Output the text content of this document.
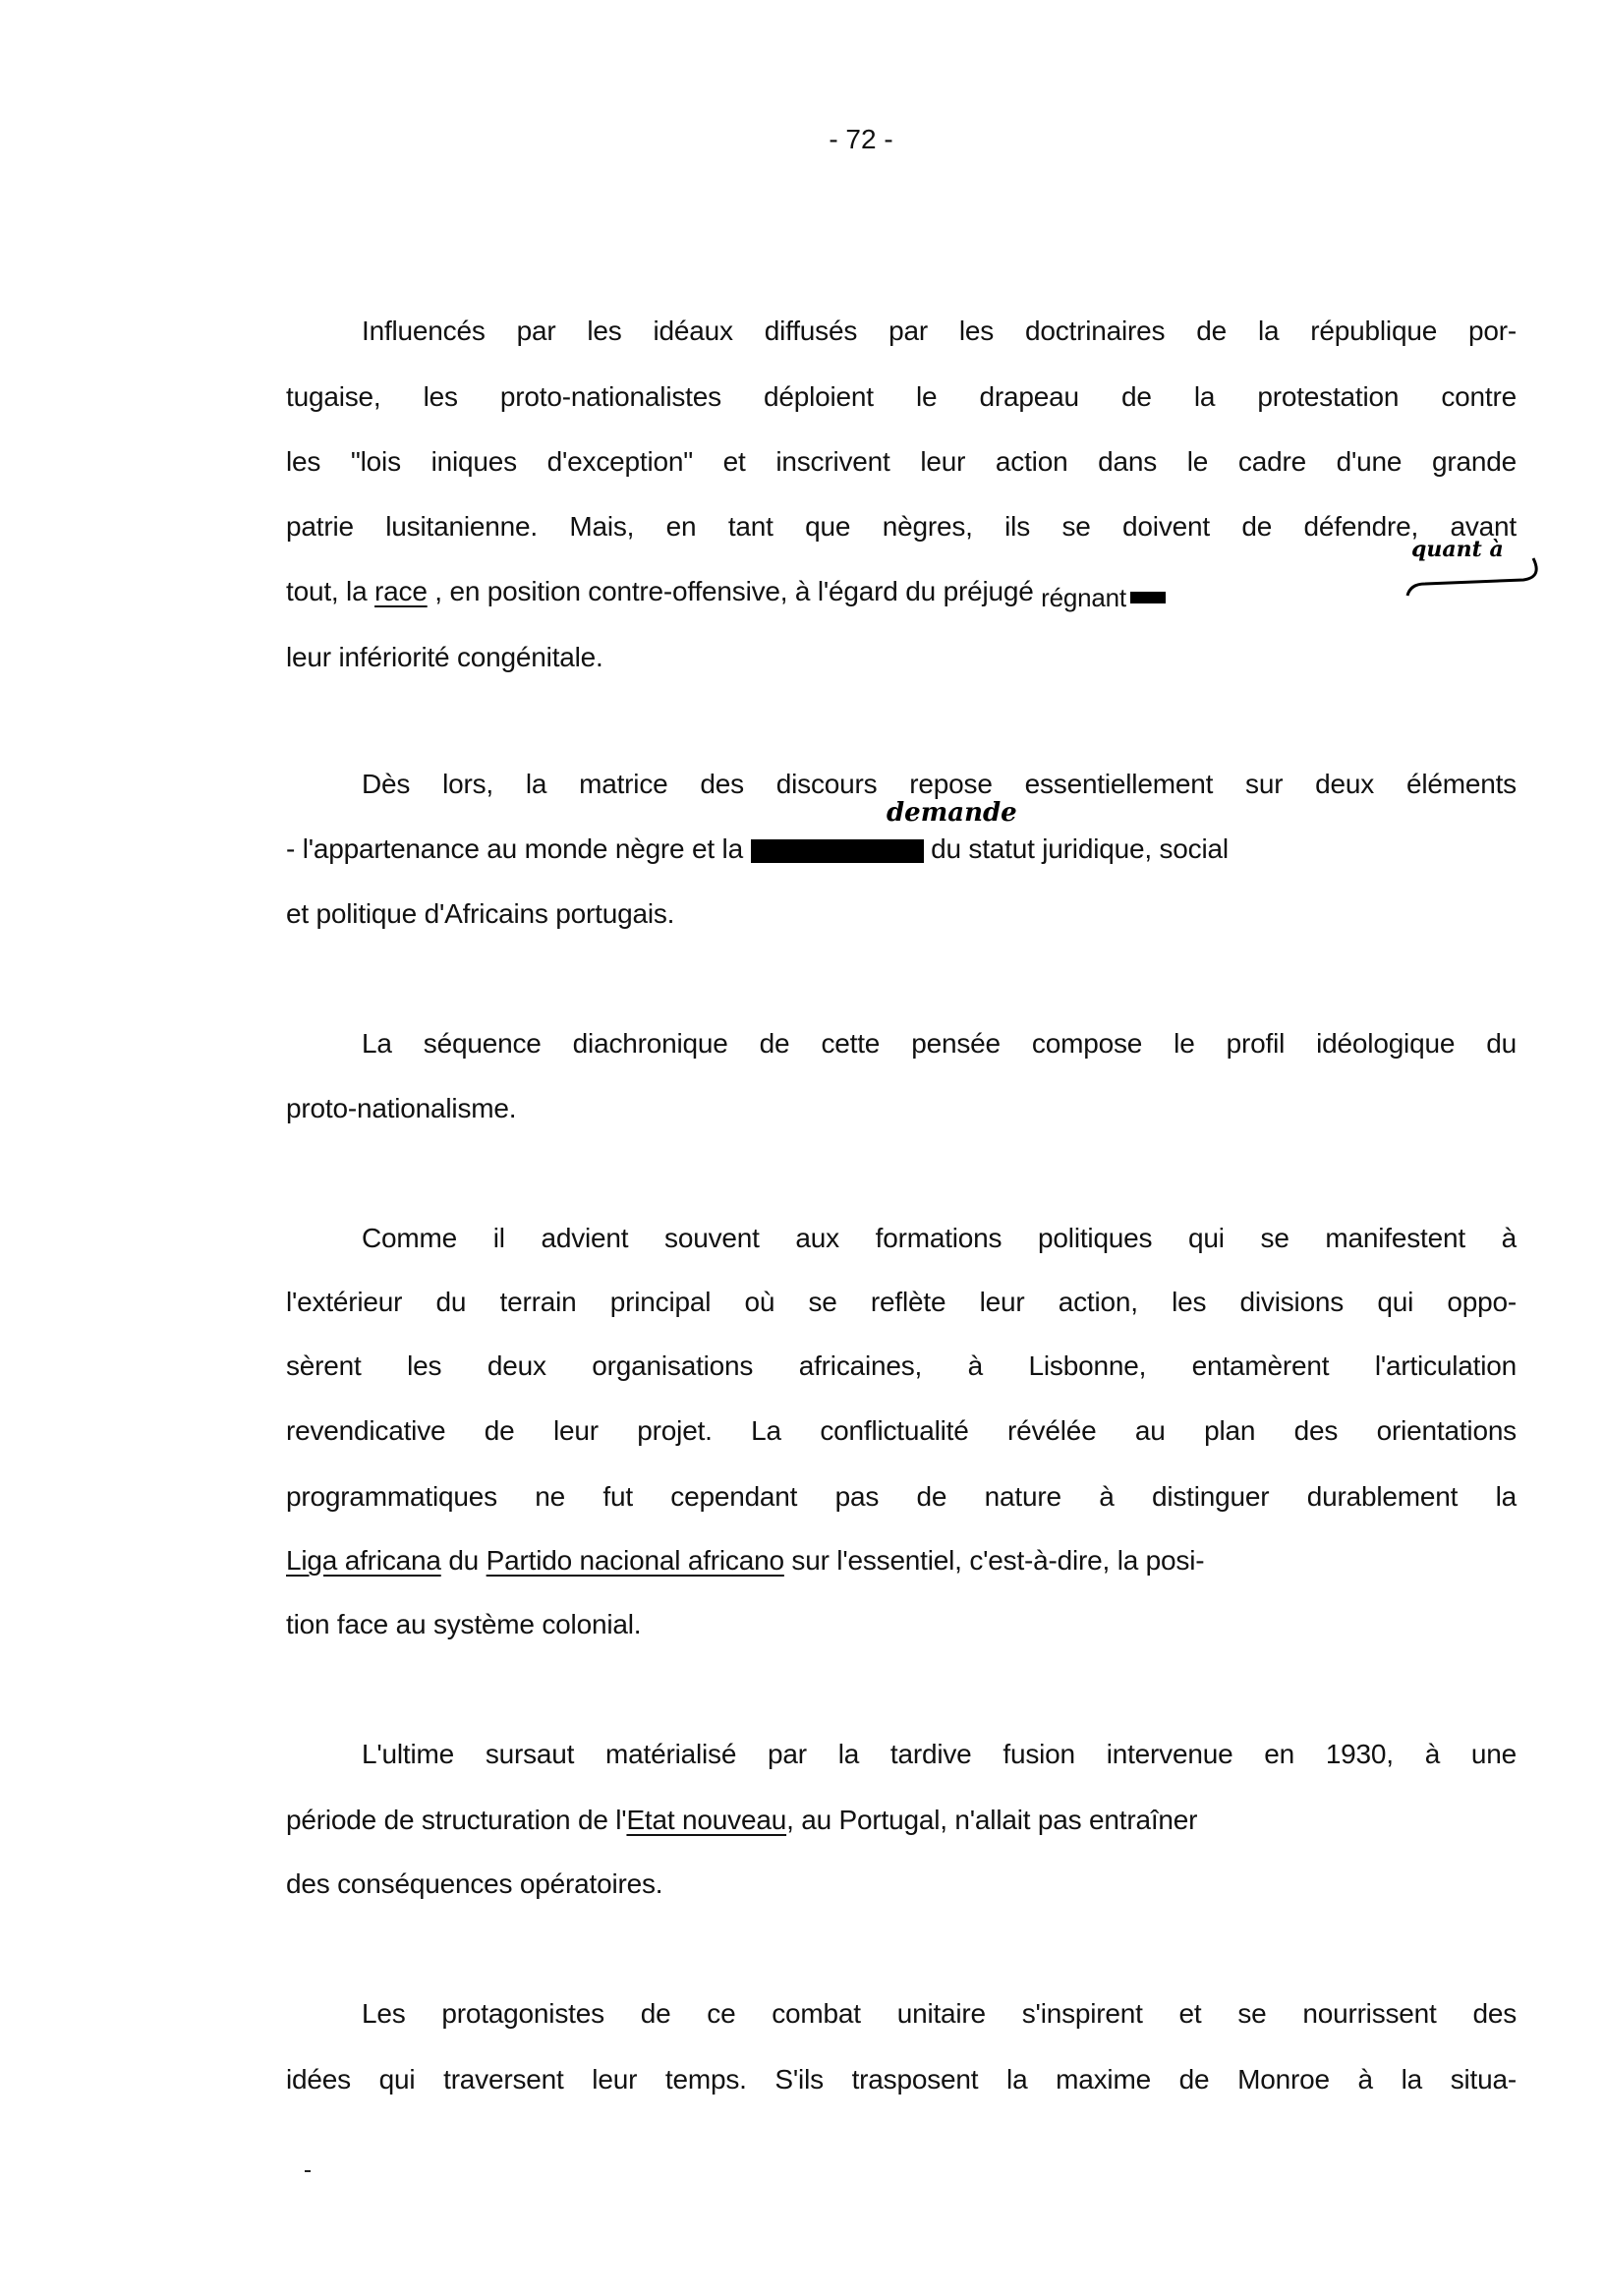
- 72 -
Influencés par les idéaux diffusés par les doctrinaires de la république por-
tugaise, les proto-nationalistes déploient le drapeau de la protestation contre
les "lois iniques d'exception" et inscrivent leur action dans le cadre d'une grande
patrie lusitanienne. Mais, en tant que nègres, ils se doivent de défendre, avant
tout, la race , en position contre-offensive, à l'égard du préjugé régnant
quant à
leur infériorité congénitale.
Dès lors, la matrice des discours repose essentiellement sur deux éléments
- l'appartenance au monde nègre et la	du statut juridique, social
demande
et politique d'Africains portugais.
La séquence diachronique de cette pensée compose le profil idéologique du
proto-nationalisme.
Comme il advient souvent aux formations politiques qui se manifestent à
l'extérieur du terrain principal où se reflète leur action, les divisions qui oppo-
sèrent les deux organisations africaines, à Lisbonne, entamèrent l'articulation
revendicative de leur projet. La conflictualité révélée au plan des orientations
programmatiques ne fut cependant pas de nature à distinguer durablement la
Liga africana du Partido nacional africano sur l'essentiel, c'est-à-dire, la posi-
tion face au système colonial.
L'ultime sursaut matérialisé par la tardive fusion intervenue en 1930, à une
période de structuration de l'Etat nouveau, au Portugal, n'allait pas entraîner
des conséquences opératoires.
Les protagonistes de ce combat unitaire s'inspirent et se nourrissent des
idées qui traversent leur temps. S'ils trasposent la maxime de Monroe à la situa-
